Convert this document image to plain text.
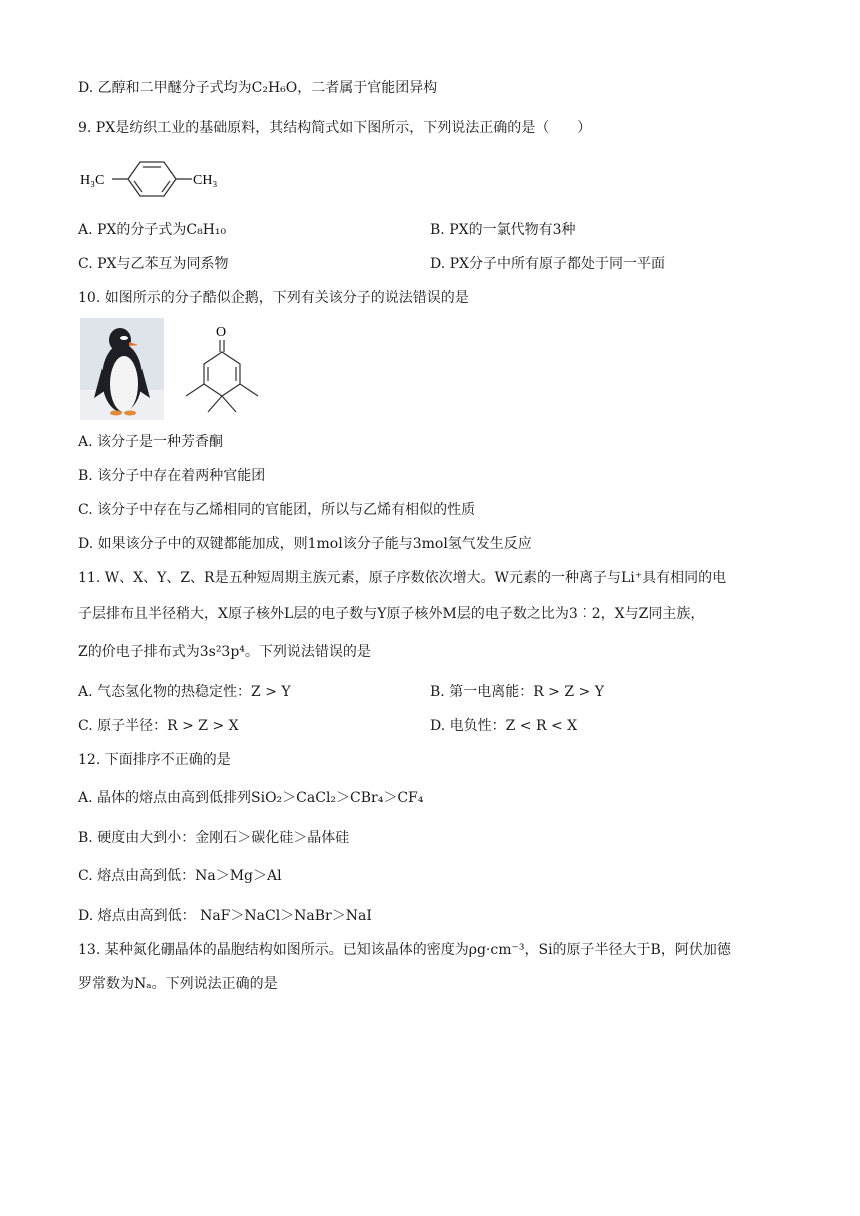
D. 乙醇和二甲醚分子式均为C₂H₆O，二者属于官能团异构
9. PX是纺织工业的基础原料，其结构简式如下图所示，下列说法正确的是（　　）
H₃C	CH₃
A. PX的分子式为C₈H₁₀	B. PX的一氯代物有3种
C. PX与乙苯互为同系物	D. PX分子中所有原子都处于同一平面
10. 如图所示的分子酷似企鹅，下列有关该分子的说法错误的是
O
A. 该分子是一种芳香酮
B. 该分子中存在着两种官能团
C. 该分子中存在与乙烯相同的官能团，所以与乙烯有相似的性质
D. 如果该分子中的双键都能加成，则1mol该分子能与3mol氢气发生反应
11. W、X、Y、Z、R是五种短周期主族元素，原子序数依次增大。W元素的一种离子与Li⁺具有相同的电
子层排布且半径稍大，X原子核外L层的电子数与Y原子核外M层的电子数之比为3︰2，X与Z同主族，
Z的价电子排布式为3s²3p⁴。下列说法错误的是
A. 气态氢化物的热稳定性：Z > Y	B. 第一电离能：R > Z > Y
C. 原子半径：R > Z > X	D. 电负性：Z < R < X
12. 下面排序不正确的是
A. 晶体的熔点由高到低排列SiO₂＞CaCl₂＞CBr₄＞CF₄
B. 硬度由大到小：金刚石＞碳化硅＞晶体硅
C. 熔点由高到低：Na＞Mg＞Al
D. 熔点由高到低： NaF＞NaCl＞NaBr＞NaI
13. 某种氮化硼晶体的晶胞结构如图所示。已知该晶体的密度为ρg·cm⁻³，Si的原子半径大于B，阿伏加德
罗常数为Nₐ。下列说法正确的是
